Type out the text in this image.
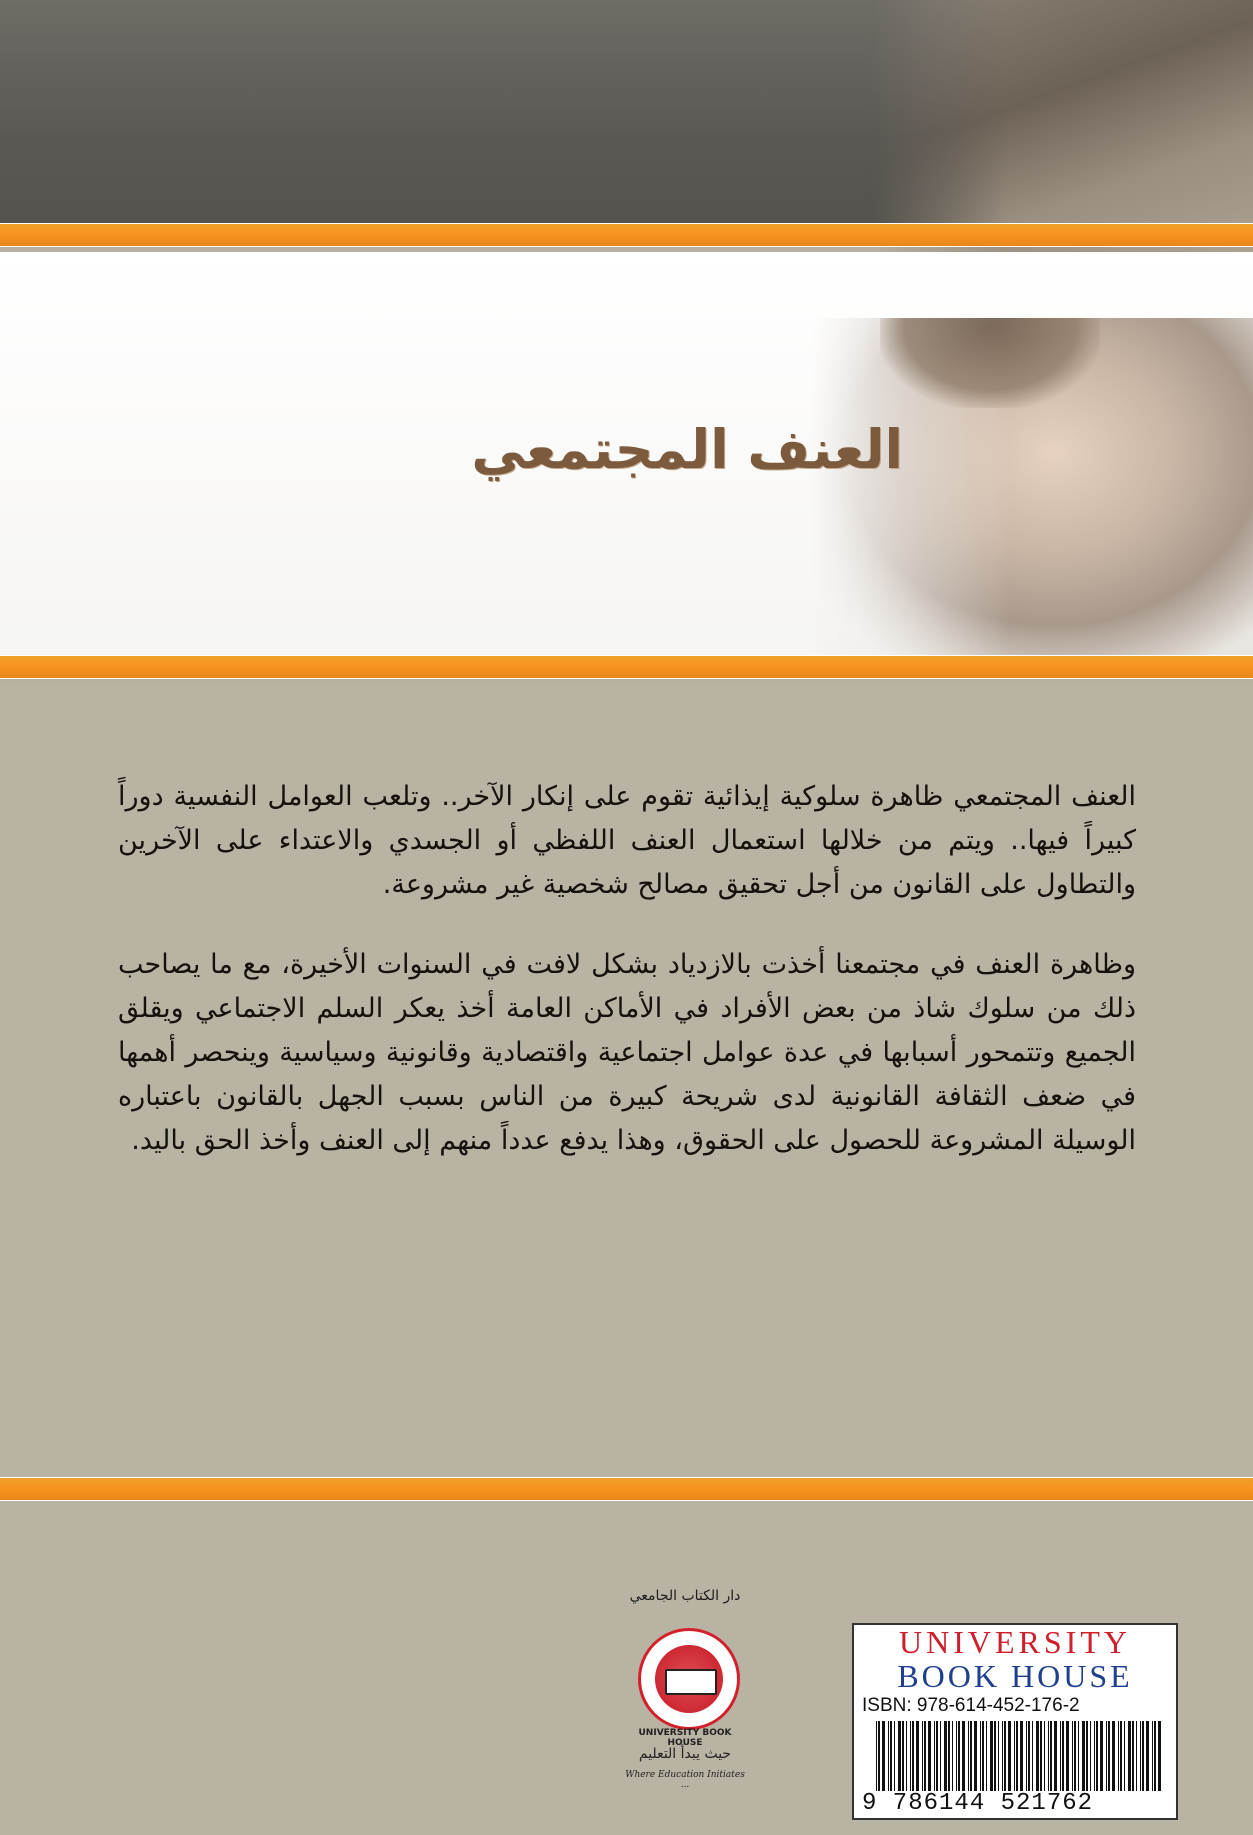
العنف المجتمعي

العنف المجتمعي ظاهرة سلوكية إيذائية تقوم على إنكار الآخر.. وتلعب العوامل النفسية دوراً كبيراً فيها.. ويتم من خلالها استعمال العنف اللفظي أو الجسدي والاعتداء على الآخرين والتطاول على القانون من أجل تحقيق مصالح شخصية غير مشروعة.

وظاهرة العنف في مجتمعنا أخذت بالازدياد بشكل لافت في السنوات الأخيرة، مع ما يصاحب ذلك من سلوك شاذ من بعض الأفراد في الأماكن العامة أخذ يعكر السلم الاجتماعي ويقلق الجميع وتتمحور أسبابها في عدة عوامل اجتماعية واقتصادية وقانونية وسياسية وينحصر أهمها في ضعف الثقافة القانونية لدى شريحة كبيرة من الناس بسبب الجهل بالقانون باعتباره الوسيلة المشروعة للحصول على الحقوق، وهذا يدفع عدداً منهم إلى العنف وأخذ الحق باليد.

دار الكتاب الجامعي
UNIVERSITY BOOK HOUSE
حيث يبدأ التعليم
Where Education Initiates ...
UNIVERSITY
BOOK HOUSE
ISBN: 978-614-452-176-2
9 786144 521762
